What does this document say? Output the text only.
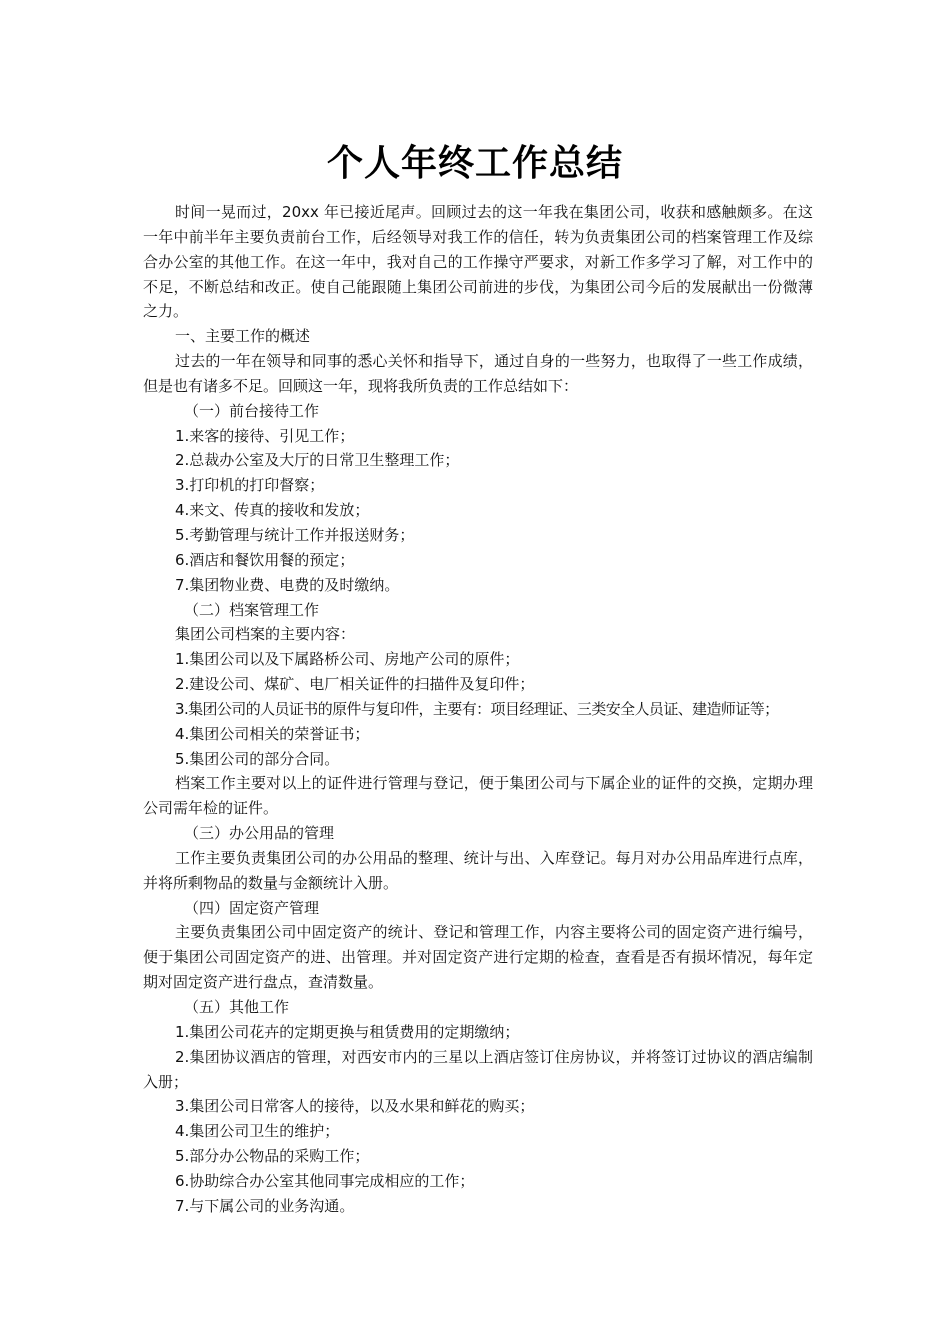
个人年终工作总结

时间一晃而过，20xx 年已接近尾声。回顾过去的这一年我在集团公司，收获和感触颇多。在这一年中前半年主要负责前台工作，后经领导对我工作的信任，转为负责集团公司的档案管理工作及综合办公室的其他工作。在这一年中，我对自己的工作操守严要求，对新工作多学习了解，对工作中的不足，不断总结和改正。使自己能跟随上集团公司前进的步伐，为集团公司今后的发展献出一份微薄之力。

一、主要工作的概述

过去的一年在领导和同事的悉心关怀和指导下，通过自身的一些努力，也取得了一些工作成绩，但是也有诸多不足。回顾这一年，现将我所负责的工作总结如下：

（一）前台接待工作

1.来客的接待、引见工作；

2.总裁办公室及大厅的日常卫生整理工作；

3.打印机的打印督察；

4.来文、传真的接收和发放；

5.考勤管理与统计工作并报送财务；

6.酒店和餐饮用餐的预定；

7.集团物业费、电费的及时缴纳。

（二）档案管理工作

集团公司档案的主要内容：

1.集团公司以及下属路桥公司、房地产公司的原件；

2.建设公司、煤矿、电厂相关证件的扫描件及复印件；

3.集团公司的人员证书的原件与复印件，主要有：项目经理证、三类安全人员证、建造师证等；

4.集团公司相关的荣誉证书；

5.集团公司的部分合同。

档案工作主要对以上的证件进行管理与登记，便于集团公司与下属企业的证件的交换，定期办理公司需年检的证件。

（三）办公用品的管理

工作主要负责集团公司的办公用品的整理、统计与出、入库登记。每月对办公用品库进行点库，并将所剩物品的数量与金额统计入册。

（四）固定资产管理

主要负责集团公司中固定资产的统计、登记和管理工作，内容主要将公司的固定资产进行编号，便于集团公司固定资产的进、出管理。并对固定资产进行定期的检查，查看是否有损坏情况，每年定期对固定资产进行盘点，查清数量。

（五）其他工作

1.集团公司花卉的定期更换与租赁费用的定期缴纳；

2.集团协议酒店的管理，对西安市内的三星以上酒店签订住房协议，并将签订过协议的酒店编制入册；

3.集团公司日常客人的接待，以及水果和鲜花的购买；

4.集团公司卫生的维护；

5.部分办公物品的采购工作；

6.协助综合办公室其他同事完成相应的工作；

7.与下属公司的业务沟通。
